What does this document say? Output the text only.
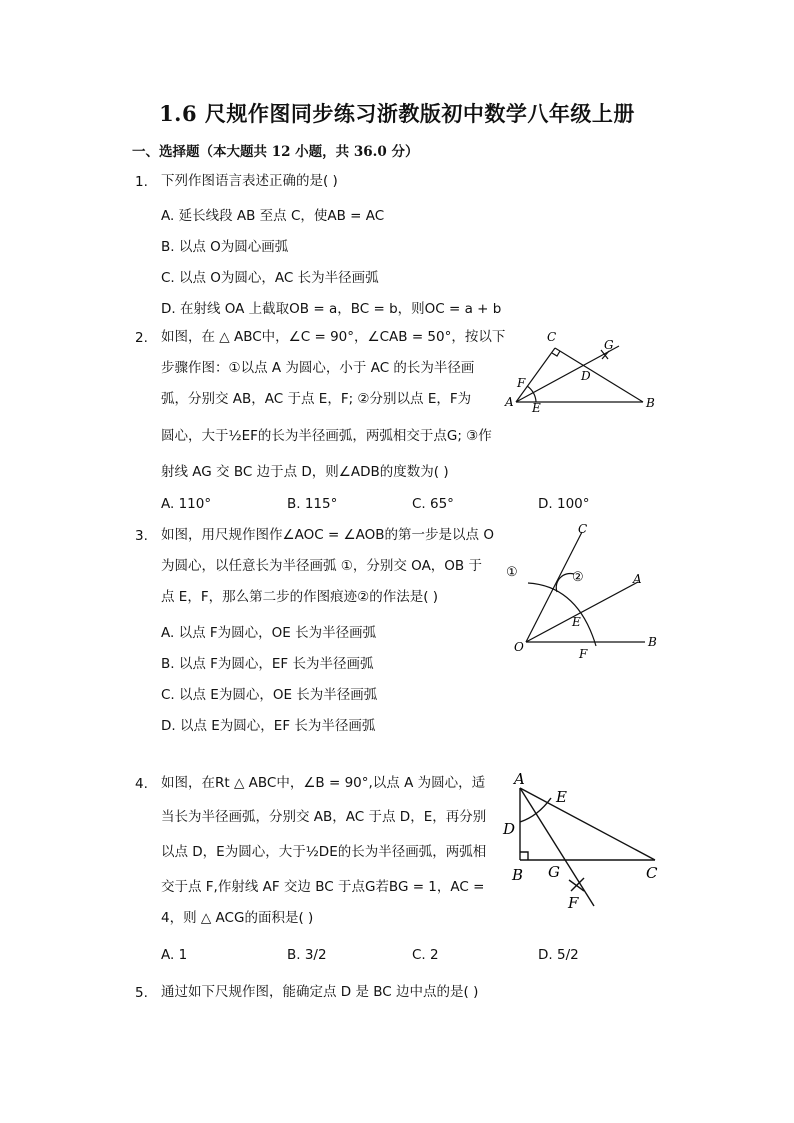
1.6 尺规作图同步练习浙教版初中数学八年级上册
一、选择题（本大题共 12 小题，共 36.0 分）
1. 下列作图语言表述正确的是( )
A. 延长线段 AB 至点 C，使AB = AC
B. 以点 O为圆心画弧
C. 以点 O为圆心，AC 长为半径画弧
D. 在射线 OA 上截取OB = a，BC = b，则OC = a + b
2. 如图，在 △ ABC中，∠C = 90°，∠CAB = 50°，按以下
步骤作图：①以点 A 为圆心，小于 AC 的长为半径画
弧，分别交 AB，AC 于点 E，F; ②分别以点 E，F为
圆心，大于½EF的长为半径画弧，两弧相交于点G; ③作
射线 AG 交 BC 边于点 D，则∠ADB的度数为( )
A. 110°	B. 115°	C. 65°	D. 100°
C
G
F	D
A E	B
3. 如图，用尺规作图作∠AOC = ∠AOB的第一步是以点 O
为圆心，以任意长为半径画弧 ①，分别交 OA，OB 于
点 E，F，那么第二步的作图痕迹②的作法是( )
A. 以点 F为圆心，OE 长为半径画弧
B. 以点 F为圆心，EF 长为半径画弧
C. 以点 E为圆心，OE 长为半径画弧
D. 以点 E为圆心，EF 长为半径画弧
C
①	②	A
E
O	F
B
4. 如图，在Rt △ ABC中，∠B = 90°,以点 A 为圆心，适
当长为半径画弧，分别交 AB，AC 于点 D，E，再分别
以点 D，E为圆心，大于½DE的长为半径画弧，两弧相
交于点 F,作射线 AF 交边 BC 于点G若BG = 1，AC =
4，则 △ ACG的面积是( )
A. 1	B. 3/2	C. 2	D. 5/2
A
E
D
B G	C
F
5. 通过如下尺规作图，能确定点 D 是 BC 边中点的是( )
